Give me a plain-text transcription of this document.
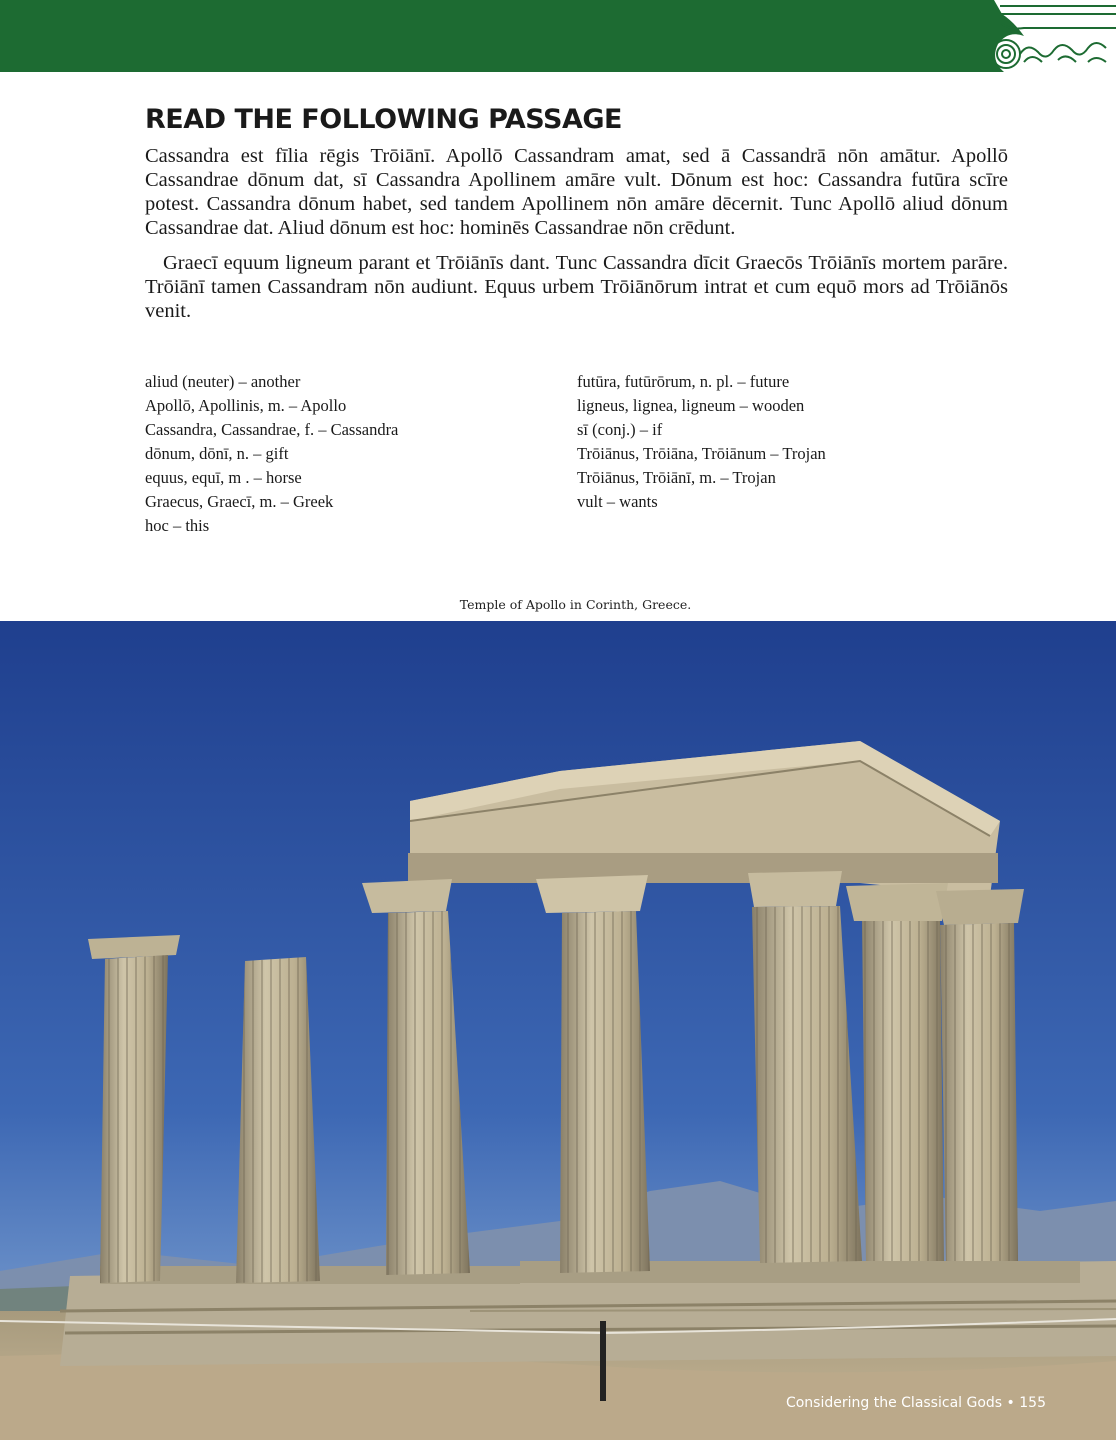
READ THE FOLLOWING PASSAGE

Cassandra est fīlia rēgis Trōiānī. Apollō Cassandram amat, sed ā Cassandrā nōn amātur. Apollō Cassandrae dōnum dat, sī Cassandra Apollinem amāre vult. Dōnum est hoc: Cassandra futūra scīre potest. Cassandra dōnum habet, sed tandem Apollinem nōn amāre dēcernit. Tunc Apollō aliud dōnum Cassandrae dat. Aliud dōnum est hoc: hominēs Cassandrae nōn crēdunt.

Graecī equum ligneum parant et Trōiānīs dant. Tunc Cassandra dīcit Graecōs Trōiānīs mortem parāre. Trōiānī tamen Cassandram nōn audiunt. Equus urbem Trōiānōrum intrat et cum equō mors ad Trōiānōs venit.

aliud (neuter) – another
Apollō, Apollinis, m. – Apollo
Cassandra, Cassandrae, f. – Cassandra
dōnum, dōnī, n. – gift
equus, equī, m . – horse
Graecus, Graecī, m. – Greek
hoc – this
futūra, futūrōrum, n. pl. – future
ligneus, lignea, ligneum – wooden
sī (conj.) – if
Trōiānus, Trōiāna, Trōiānum – Trojan
Trōiānus, Trōiānī, m. – Trojan
vult – wants
Temple of Apollo in Corinth, Greece.
Considering the Classical Gods • 155
